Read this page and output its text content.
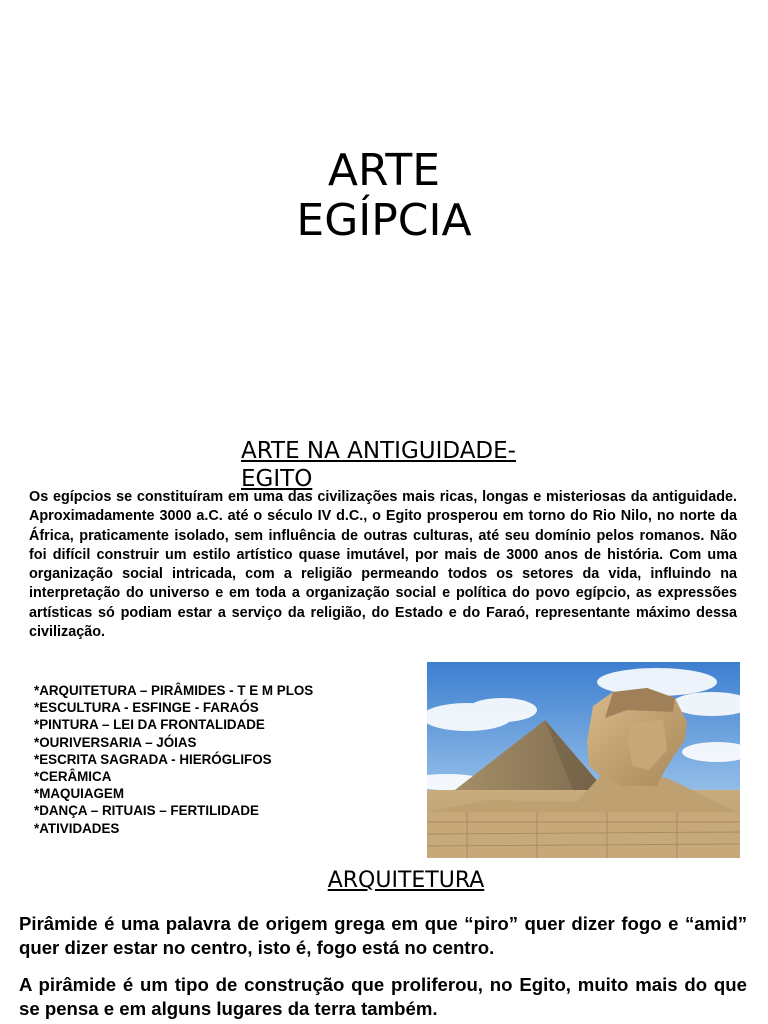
ARTE
EGÍPCIA
ARTE NA ANTIGUIDADE- EGITO

Os egípcios se constituíram em uma das civilizações mais ricas, longas e misteriosas da antiguidade. Aproximadamente 3000 a.C. até o século IV d.C., o Egito prosperou em torno do Rio Nilo, no norte da África, praticamente isolado, sem influência de outras culturas, até seu domínio pelos romanos. Não foi difícil construir um estilo artístico quase imutável, por mais de 3000 anos de história. Com uma organização social intricada, com a religião permeando todos os setores da vida, influindo na interpretação do universo e em toda a organização social e política do povo egípcio, as expressões artísticas só podiam estar a serviço da religião, do Estado e do Faraó, representante máximo dessa civilização.

*ARQUITETURA – PIRÂMIDES - T E M PLOS
*ESCULTURA - ESFINGE - FARAÓS
*PINTURA – LEI DA FRONTALIDADE
*OURIVERSARIA – JÓIAS
*ESCRITA SAGRADA - HIERÓGLIFOS
*CERÂMICA
*MAQUIAGEM
*DANÇA – RITUAIS – FERTILIDADE
*ATIVIDADES
ARQUITETURA

Pirâmide é uma palavra de origem grega em que “piro” quer dizer fogo e “amid” quer dizer estar no centro, isto é, fogo está no centro.

A pirâmide é um tipo de construção que proliferou, no Egito, muito mais do que se pensa e em alguns lugares da terra também.
